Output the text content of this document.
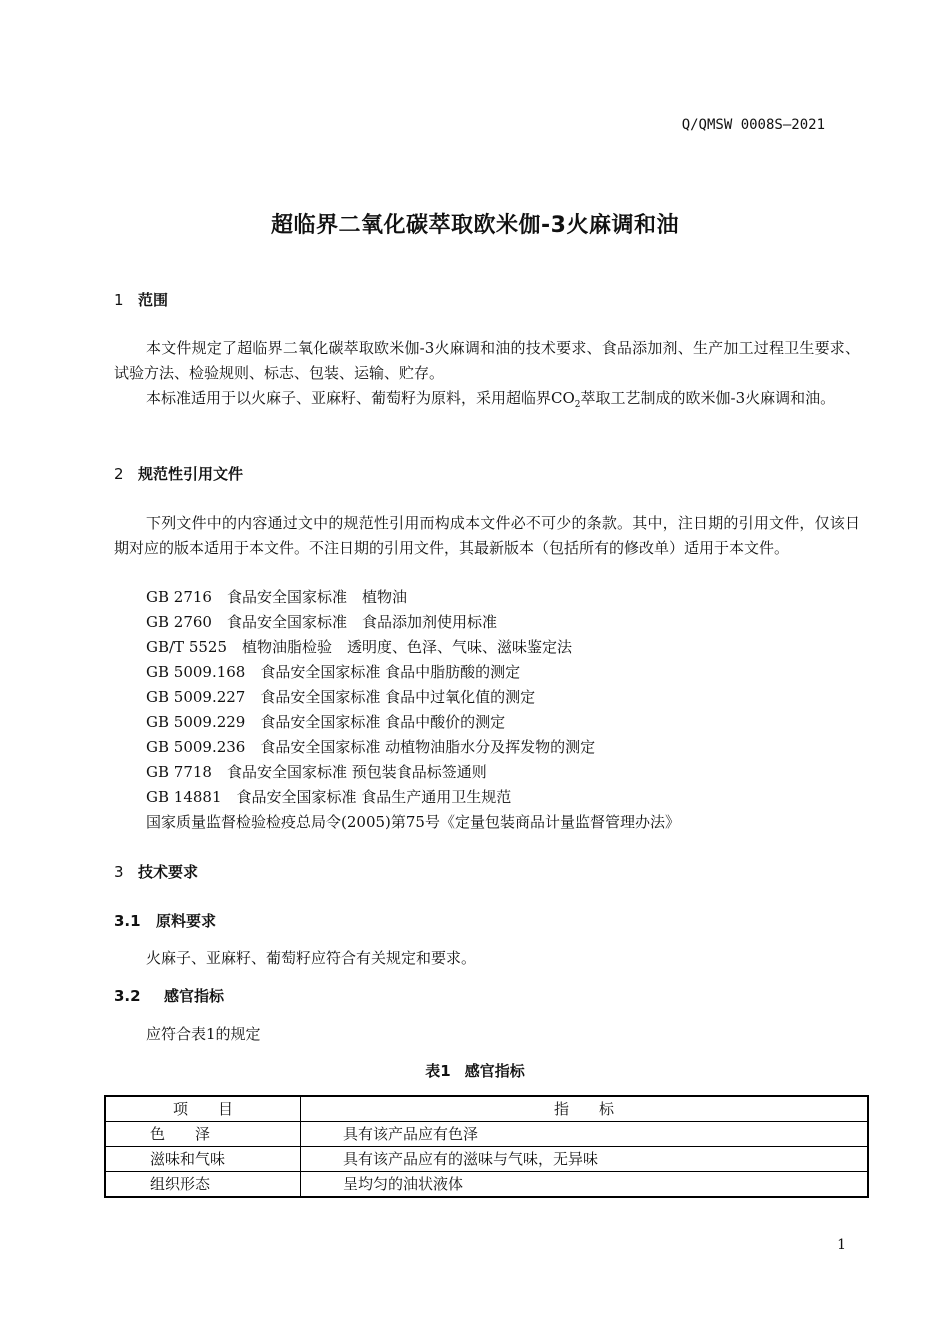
Q/QMSW 0008S—2021
超临界二氧化碳萃取欧米伽-3火麻调和油
1 范围
本文件规定了超临界二氧化碳萃取欧米伽-3火麻调和油的技术要求、食品添加剂、生产加工过程卫生要求、试验方法、检验规则、标志、包装、运输、贮存。
本标准适用于以火麻子、亚麻籽、葡萄籽为原料，采用超临界$CO_2$萃取工艺制成的欧米伽-3火麻调和油。
2 规范性引用文件
下列文件中的内容通过文中的规范性引用而构成本文件必不可少的条款。其中，注日期的引用文件，仅该日期对应的版本适用于本文件。不注日期的引用文件，其最新版本（包括所有的修改单）适用于本文件。
GB 2716　食品安全国家标准　植物油
GB 2760　食品安全国家标准　食品添加剂使用标准
GB/T 5525　植物油脂检验　透明度、色泽、气味、滋味鉴定法
GB 5009.168　食品安全国家标准 食品中脂肪酸的测定
GB 5009.227　食品安全国家标准 食品中过氧化值的测定
GB 5009.229　食品安全国家标准 食品中酸价的测定
GB 5009.236　食品安全国家标准 动植物油脂水分及挥发物的测定
GB 7718　食品安全国家标准 预包装食品标签通则
GB 14881　食品安全国家标准 食品生产通用卫生规范
国家质量监督检验检疫总局令(2005)第75号《定量包装商品计量监督管理办法》
3 技术要求
3.1 原料要求
火麻子、亚麻籽、葡萄籽应符合有关规定和要求。
3.2 感官指标
应符合表1的规定
表1 感官指标
项　　目	指　　标
色　　泽	具有该产品应有色泽
滋味和气味	具有该产品应有的滋味与气味，无异味
组织形态	呈均匀的油状液体
1
